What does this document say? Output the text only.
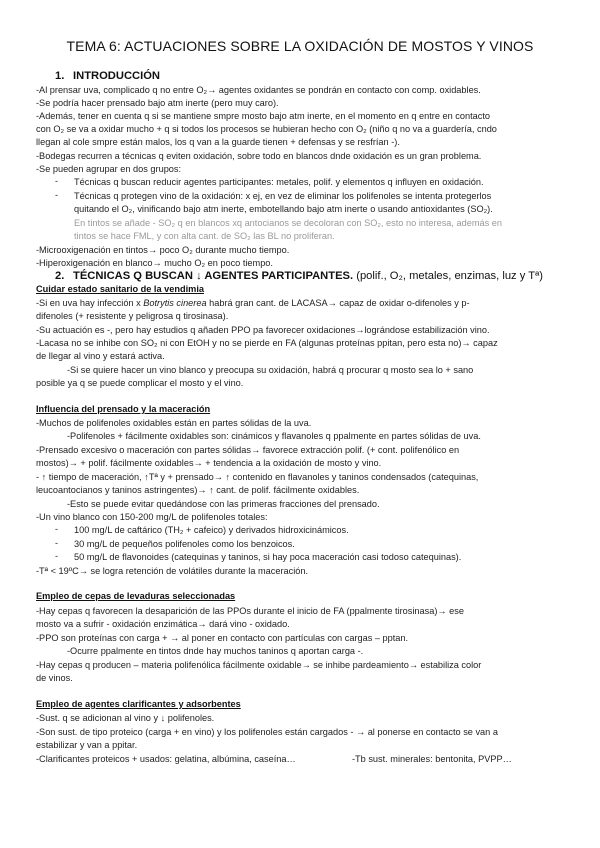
TEMA 6: ACTUACIONES SOBRE LA OXIDACIÓN DE MOSTOS Y VINOS
1. INTRODUCCIÓN
-Al prensar uva, complicado q no entre O₂→ agentes oxidantes se pondrán en contacto con comp. oxidables.
-Se podría hacer prensado bajo atm inerte (pero muy caro).
-Además, tener en cuenta q si se mantiene smpre mosto bajo atm inerte, en el momento en q entre en contacto
con O₂ se va a oxidar mucho + q si todos los procesos se hubieran hecho con O₂ (niño q no va a guardería, cndo
llegan al cole smpre están malos, los q van a la guarde tienen + defensas y se resfrían -).
-Bodegas recurren a técnicas q eviten oxidación, sobre todo en blancos dnde oxidación es un gran problema.
-Se pueden agrupar en dos grupos:
- Técnicas q buscan reducir agentes participantes: metales, polif. y elementos q influyen en oxidación.
- Técnicas q protegen vino de la oxidación: x ej, en vez de eliminar los polifenoles se intenta protegerlos
quitando el O₂, vinificando bajo atm inerte, embotellando bajo atm inerte o usando antioxidantes (SO₂).
En tintos se añade - SO₂ q en blancos xq antocianos se decoloran con SO₂, esto no interesa, además en
tintos se hace FML, y con alta cant. de SO₂ las BL no proliferan.
-Microoxigenación en tintos→ poco O₂ durante mucho tiempo.
-Hiperoxigenación en blanco→ mucho O₂ en poco tiempo.
2. TÉCNICAS Q BUSCAN ↓ AGENTES PARTICIPANTES. (polif., O₂, metales, enzimas, luz y Tª)
Cuidar estado sanitario de la vendimia
-Si en uva hay infección x Botrytis cinerea habrá gran cant. de LACASA→ capaz de oxidar o-difenoles y p-
difenoles (+ resistente y peligrosa q tirosinasa).
-Su actuación es -, pero hay estudios q añaden PPO pa favorecer oxidaciones→lográndose estabilización vino.
-Lacasa no se inhibe con SO₂ ni con EtOH y no se pierde en FA (algunas proteínas ppitan, pero esta no)→ capaz
de llegar al vino y estará activa.
-Si se quiere hacer un vino blanco y preocupa su oxidación, habrá q procurar q mosto sea lo + sano
posible ya q se puede complicar el mosto y el vino.
Influencia del prensado y la maceración
-Muchos de polifenoles oxidables están en partes sólidas de la uva.
-Polifenoles + fácilmente oxidables son: cinámicos y flavanoles q ppalmente en partes sólidas de uva.
-Prensado excesivo o maceración con partes sólidas→ favorece extracción polif. (+ cont. polifenólico en
mostos)→ + polif. fácilmente oxidables→ + tendencia a la oxidación de mosto y vino.
- ↑ tiempo de maceración, ↑Tª y + prensado→ ↑ contenido en flavanoles y taninos condensados (catequinas,
leucoantocianos y taninos astringentes)→ ↑ cant. de polif. fácilmente oxidables.
-Esto se puede evitar quedándose con las primeras fracciones del prensado.
-Un vino blanco con 150-200 mg/L de polifenoles totales:
- 100 mg/L de caftárico (TH₂ + cafeico) y derivados hidroxicinámicos.
- 30 mg/L de pequeños polifenoles como los benzoicos.
- 50 mg/L de flavonoides (catequinas y taninos, si hay poca maceración casi todoso catequinas).
-Tª < 19ºC→ se logra retención de volátiles durante la maceración.
Empleo de cepas de levaduras seleccionadas
-Hay cepas q favorecen la desaparición de las PPOs durante el inicio de FA (ppalmente tirosinasa)→ ese
mosto va a sufrir - oxidación enzimática→ dará vino - oxidado.
-PPO son proteínas con carga + → al poner en contacto con partículas con cargas – pptan.
-Ocurre ppalmente en tintos dnde hay muchos taninos q aportan carga -.
-Hay cepas q producen – materia polifenólica fácilmente oxidable→ se inhibe pardeamiento→ estabiliza color
de vinos.
Empleo de agentes clarificantes y adsorbentes
-Sust. q se adicionan al vino y ↓ polifenoles.
-Son sust. de tipo proteico (carga + en vino) y los polifenoles están cargados - → al ponerse en contacto se van a
estabilizar y van a ppitar.
-Clarificantes proteicos + usados: gelatina, albúmina, caseína…	-Tb sust. minerales: bentonita, PVPP…
